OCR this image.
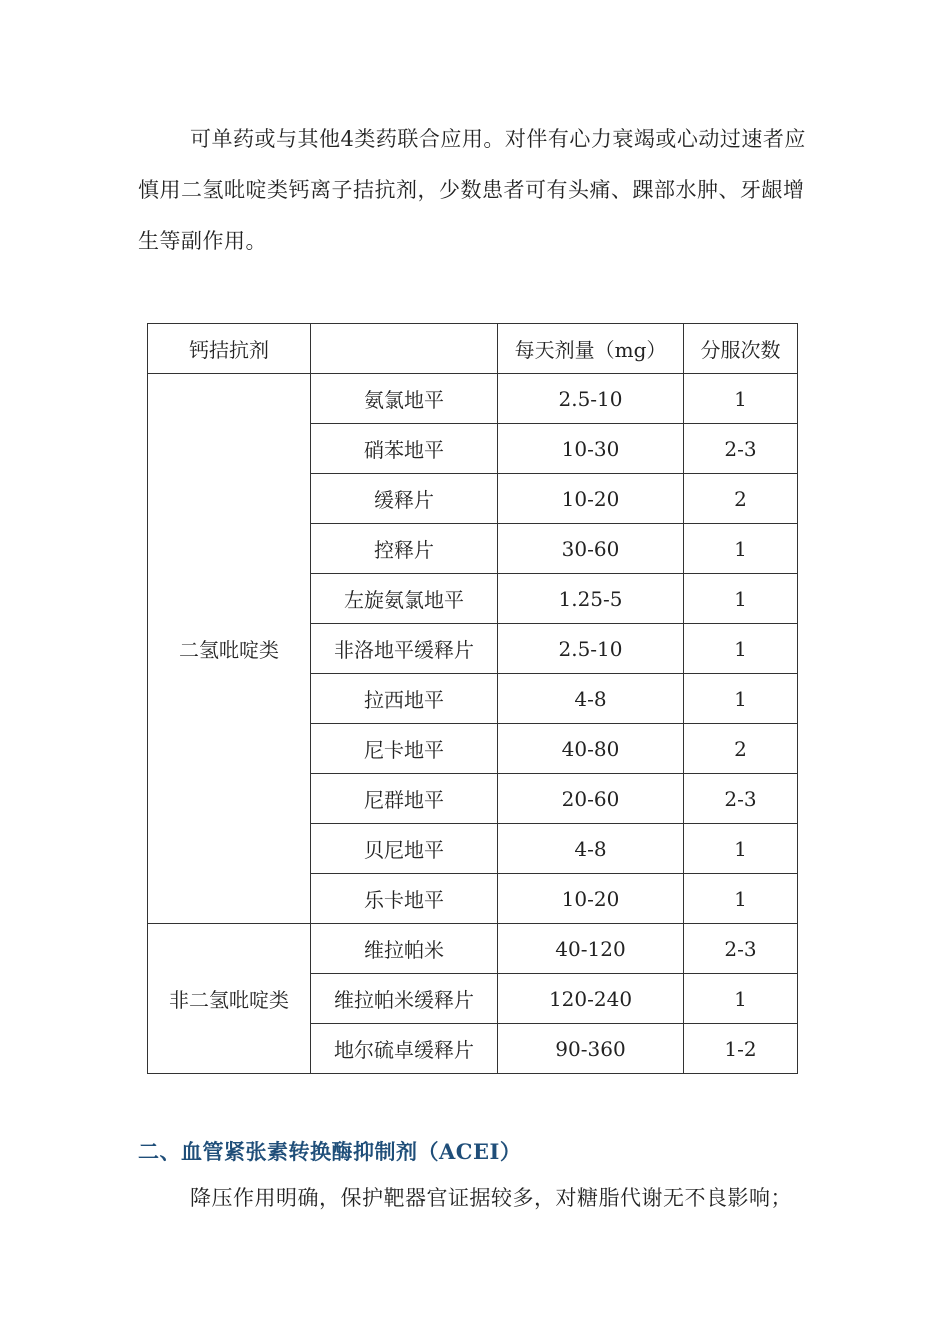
可单药或与其他4类药联合应用。对伴有心力衰竭或心动过速者应慎用二氢吡啶类钙离子拮抗剂，少数患者可有头痛、踝部水肿、牙龈增生等副作用。

钙拮抗剂		每天剂量（mg）	分服次数
二氢吡啶类	氨氯地平	2.5-10	1
	硝苯地平	10-30	2-3
	缓释片	10-20	2
	控释片	30-60	1
	左旋氨氯地平	1.25-5	1
	非洛地平缓释片	2.5-10	1
	拉西地平	4-8	1
	尼卡地平	40-80	2
	尼群地平	20-60	2-3
	贝尼地平	4-8	1
	乐卡地平	10-20	1
非二氢吡啶类	维拉帕米	40-120	2-3
	维拉帕米缓释片	120-240	1
	地尔硫卓缓释片	90-360	1-2
二、血管紧张素转换酶抑制剂（ACEI）

降压作用明确，保护靶器官证据较多，对糖脂代谢无不良影响；
